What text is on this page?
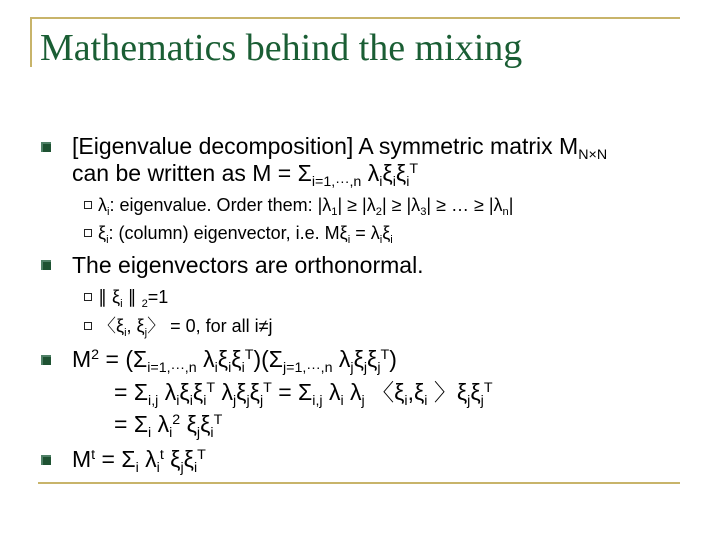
Mathematics behind the mixing
[Eigenvalue decomposition] A symmetric matrix $M_{N\times N}$
can be written as $M = \Sigma_{i=1,\cdot\cdot\cdot,n}$ $\lambda_i\xi_i\xi_i^T$
$\lambda_i$: eigenvalue. Order them: $|\lambda_1| \ge |\lambda_2| \ge |\lambda_3|$ ≥ … ≥ $|\lambda_n|$
$\xi_i$: (column) eigenvector, i.e. $M\xi_i = \lambda_i\xi_i$
The eigenvectors are orthonormal.
∥ $\xi_i$ ∥ $_2$=1
〈$\xi_i$, $\xi_j$〉 = 0, for all i≠j
$M^2 = (\Sigma_{i=1,\cdot\cdot\cdot,n}$ $\lambda_i\xi_i\xi_i^T)(\Sigma_{j=1,\cdot\cdot\cdot,n}$ $\lambda_j\xi_j\xi_j^T$)
= $\Sigma_{i,j}$ $\lambda_i\xi_i\xi_i^T$ $\lambda_j\xi_j\xi_j^T = \Sigma_{i,j}$ $\lambda_i$ $\lambda_j$ 〈$\xi_i,\xi_i$ 〉$\xi_j\xi_j^T$
= $\Sigma_i$ $\lambda_i^2$ $\xi_j\xi_i^T$
$M^t = \Sigma_i$ $\lambda_i^t$ $\xi_j\xi_i^T$
